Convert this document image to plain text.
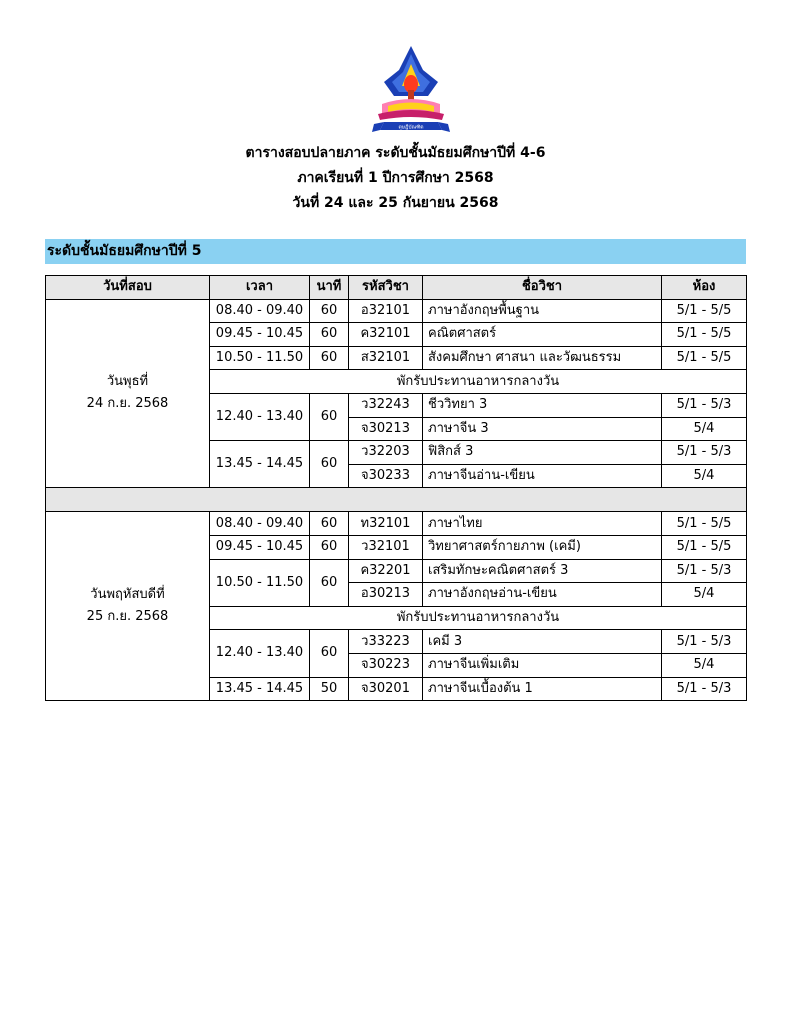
ดุษฎีบัณฑิต
ตารางสอบปลายภาค ระดับชั้นมัธยมศึกษาปีที่ 4-6
ภาคเรียนที่ 1 ปีการศึกษา 2568
วันที่ 24 และ 25 กันยายน 2568
ระดับชั้นมัธยมศึกษาปีที่ 5
วันที่สอบ	เวลา	นาที	รหัสวิชา	ชื่อวิชา	ห้อง

วันพุธที่
24 ก.ย. 2568	08.40 - 09.40	60	อ32101	ภาษาอังกฤษพื้นฐาน	5/1 - 5/5
	09.45 - 10.45	60	ค32101	คณิตศาสตร์	5/1 - 5/5
	10.50 - 11.50	60	ส32101	สังคมศึกษา ศาสนา และวัฒนธรรม	5/1 - 5/5
	พักรับประทานอาหารกลางวัน				
	12.40 - 13.40	60	ว32243	ชีววิทยา 3	5/1 - 5/3
			จ30213	ภาษาจีน 3	5/4
	13.45 - 14.45	60	ว32203	ฟิสิกส์ 3	5/1 - 5/3
			จ30233	ภาษาจีนอ่าน-เขียน	5/4

วันพฤหัสบดีที่
25 ก.ย. 2568	08.40 - 09.40	60	ท32101	ภาษาไทย	5/1 - 5/5
	09.45 - 10.45	60	ว32101	วิทยาศาสตร์กายภาพ (เคมี)	5/1 - 5/5
	10.50 - 11.50	60	ค32201	เสริมทักษะคณิตศาสตร์ 3	5/1 - 5/3
			อ30213	ภาษาอังกฤษอ่าน-เขียน	5/4
	พักรับประทานอาหารกลางวัน				
	12.40 - 13.40	60	ว33223	เคมี 3	5/1 - 5/3
			จ30223	ภาษาจีนเพิ่มเติม	5/4
	13.45 - 14.45	50	จ30201	ภาษาจีนเบื้องต้น 1	5/1 - 5/3
